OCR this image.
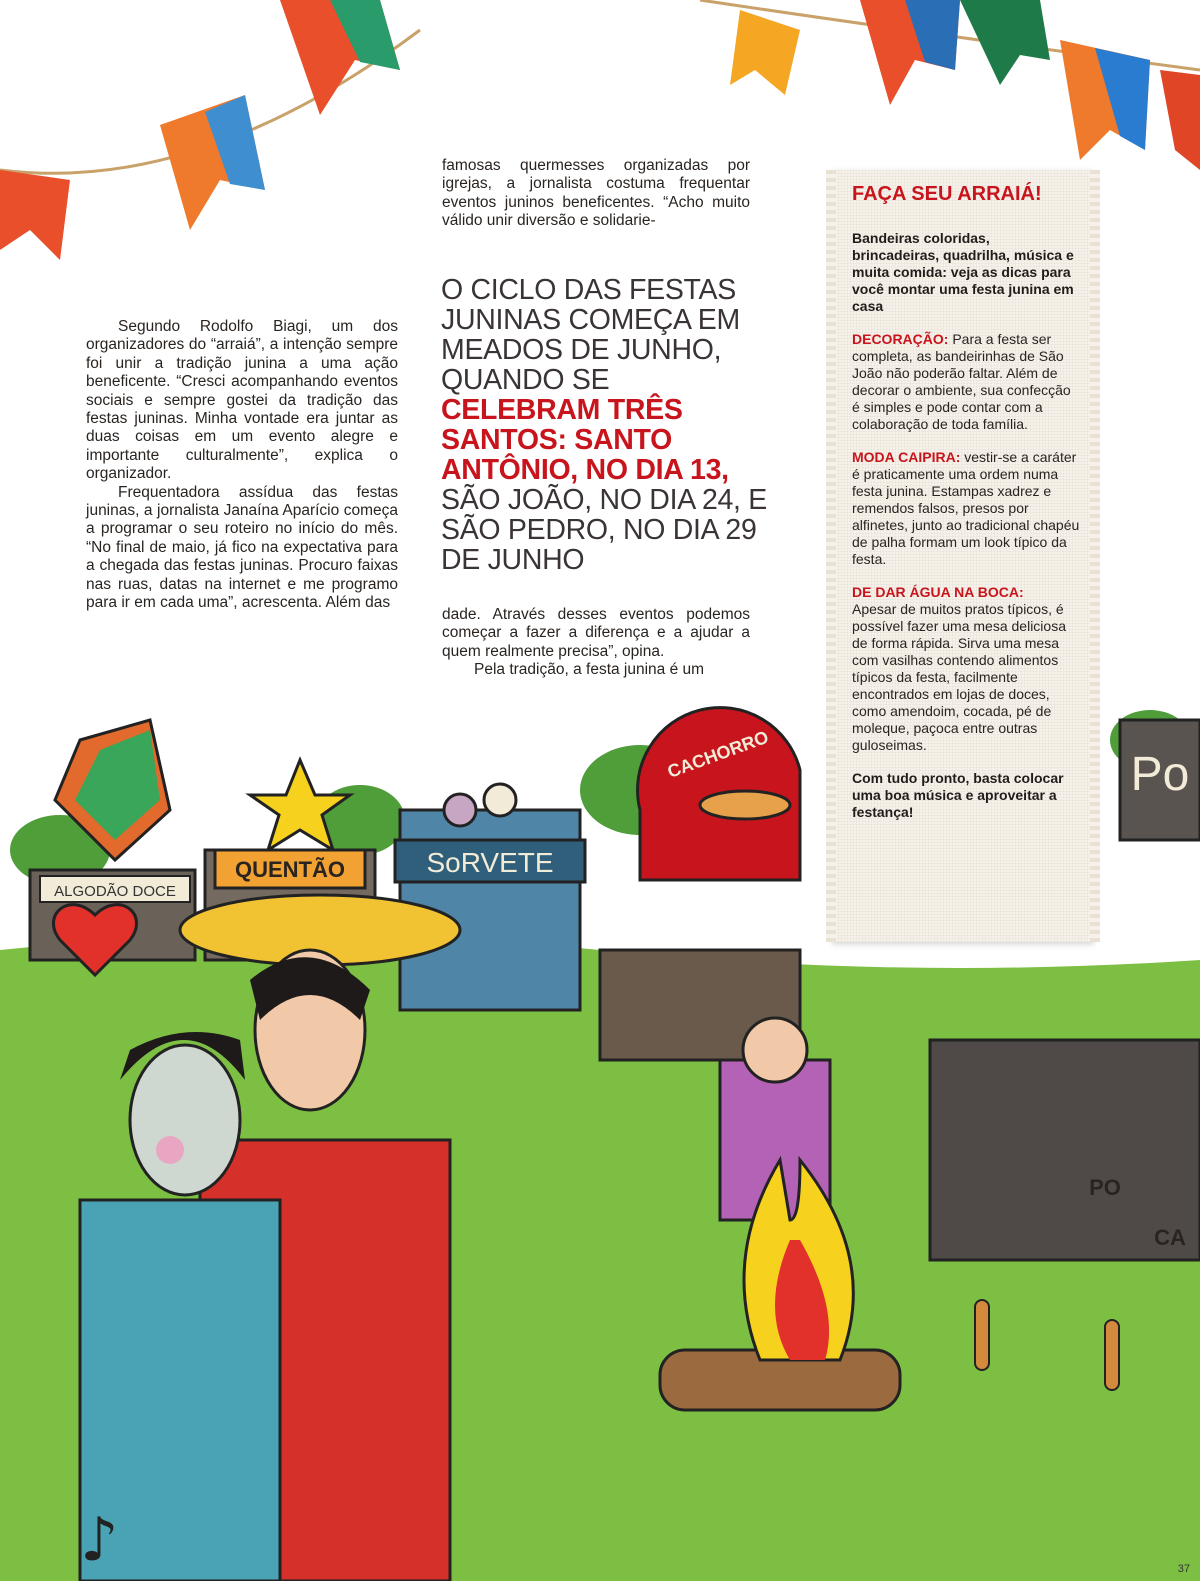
Segundo Rodolfo Biagi, um dos organizadores do “arraiá”, a intenção sempre foi unir a tradição junina a uma ação beneficente. “Cresci acompanhando eventos sociais e sempre gostei da tradição das festas juninas. Minha vontade era juntar as duas coisas em um evento alegre e importante culturalmente”, explica o organizador.

Frequentadora assídua das festas juninas, a jornalista Janaína Aparício começa a programar o seu roteiro no início do mês. “No final de maio, já fico na expectativa para a chegada das festas juninas. Procuro faixas nas ruas, datas na internet e me programo para ir em cada uma”, acrescenta. Além das

famosas quermesses organizadas por igrejas, a jornalista costuma frequentar eventos juninos beneficentes. “Acho muito válido unir diversão e solidarie-

O CICLO DAS FESTAS JUNINAS COMEÇA EM MEADOS DE JUNHO, QUANDO SE CELEBRAM TRÊS SANTOS: SANTO ANTÔNIO, NO DIA 13, SÃO JOÃO, NO DIA 24, E SÃO PEDRO, NO DIA 29 DE JUNHO

dade. Através desses eventos podemos começar a fazer a diferença e a ajudar a quem realmente precisa”, opina.

Pela tradição, a festa junina é um

ALGODÃO DOCE
QUENTÃO	SoRVETE
CACHORRO	Po
PO
CA
♪
FAÇA SEU ARRAIÁ!

Bandeiras coloridas, brincadeiras, quadrilha, música e muita comida: veja as dicas para você montar uma festa junina em casa

DECORAÇÃO: Para a festa ser completa, as bandeirinhas de São João não poderão faltar. Além de decorar o ambiente, sua confecção é simples e pode contar com a colaboração de toda família.

MODA CAIPIRA: vestir-se a caráter é praticamente uma ordem numa festa junina. Estampas xadrez e remendos falsos, presos por alfinetes, junto ao tradicional chapéu de palha formam um look típico da festa.

DE DAR ÁGUA NA BOCA:
Apesar de muitos pratos típicos, é possível fazer uma mesa deliciosa de forma rápida. Sirva uma mesa com vasilhas contendo alimentos típicos da festa, facilmente encontrados em lojas de doces, como amendoim, cocada, pé de moleque, paçoca entre outras guloseimas.

Com tudo pronto, basta colocar uma boa música e aproveitar a festança!

37
